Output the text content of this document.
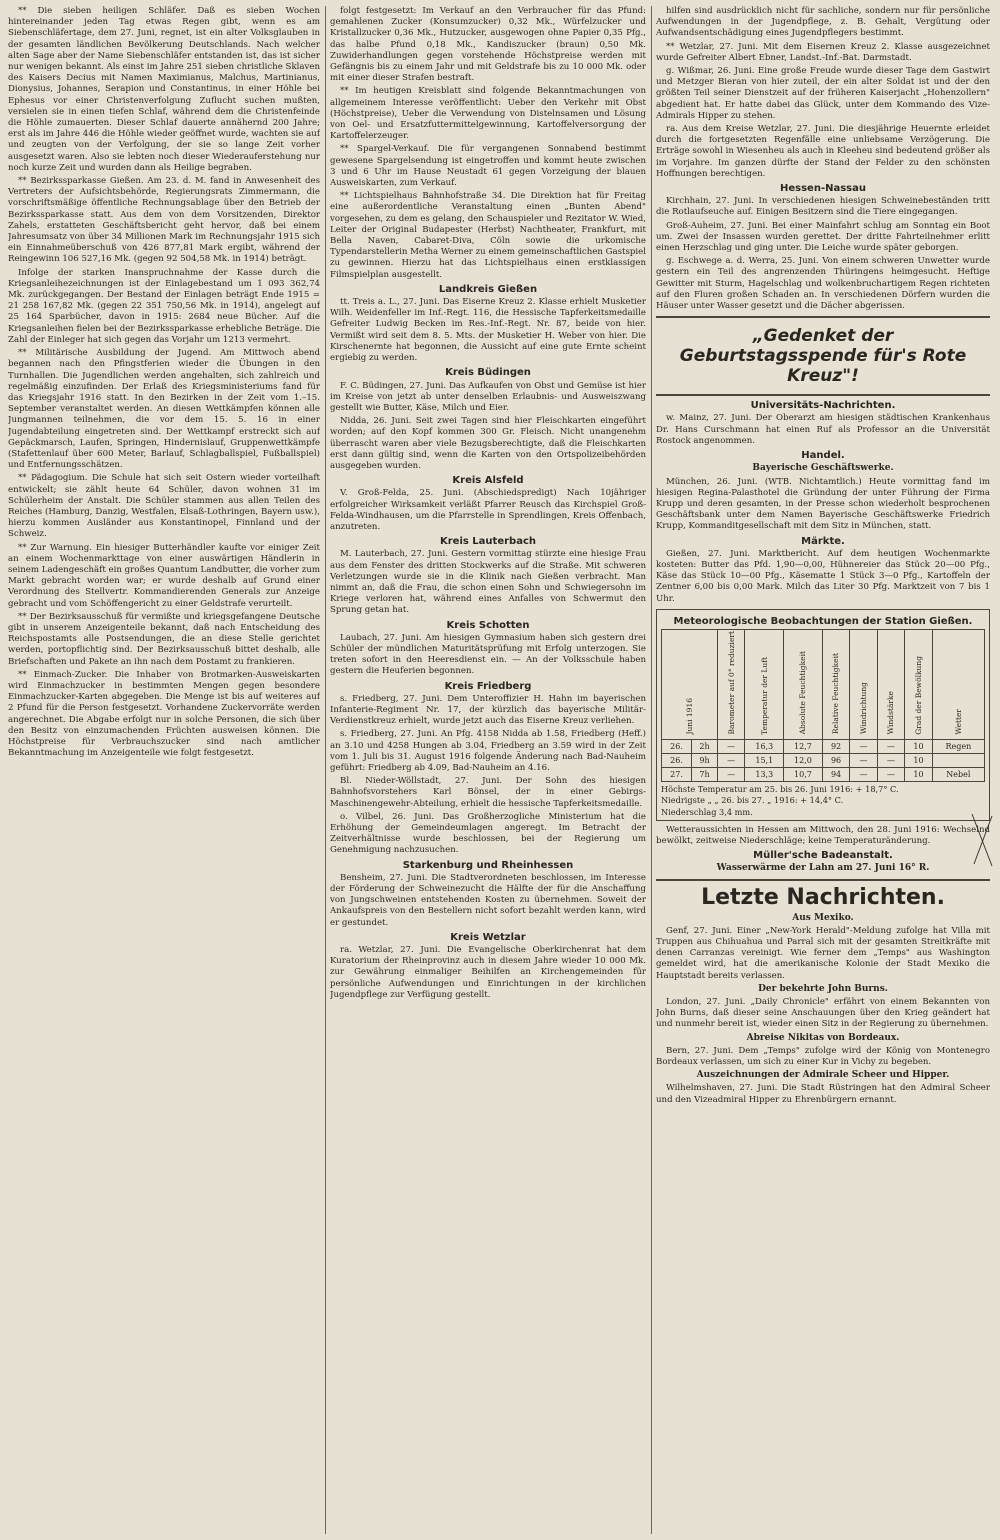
** Die sieben heiligen Schläfer. Daß es sieben Wochen hintereinander jeden Tag etwas Regen gibt, wenn es am Siebenschläfertage, dem 27. Juni, regnet, ist ein alter Volksglauben in der gesamten ländlichen Bevölkerung Deutschlands. Nach welcher alten Sage aber der Name Siebenschläfer entstanden ist, das ist sicher nur wenigen bekannt. Als einst im Jahre 251 sieben christliche Sklaven des Kaisers Decius mit Namen Maximianus, Malchus, Martinianus, Dionysius, Johannes, Serapion und Constantinus, in einer Höhle bei Ephesus vor einer Christenverfolgung Zuflucht suchen mußten, versielen sie in einen tiefen Schlaf, während dem die Christenfeinde die Höhle zumauerten. Dieser Schlaf dauerte annähernd 200 Jahre; erst als im Jahre 446 die Höhle wieder geöffnet wurde, wachten sie auf und zeugten von der Verfolgung, der sie so lange Zeit vorher ausgesetzt waren. Also sie lebten noch dieser Wiederauferstehung nur noch kurze Zeit und wurden dann als Heilige begraben.

** Bezirkssparkasse Gießen. Am 23. d. M. fand in Anwesenheit des Vertreters der Aufsichtsbehörde, Regierungsrats Zimmermann, die vorschriftsmäßige öffentliche Rechnungsablage über den Betrieb der Bezirkssparkasse statt. Aus dem von dem Vorsitzenden, Direktor Zahels, erstatteten Geschäftsbericht geht hervor, daß bei einem Jahresumsatz von über 34 Millionen Mark im Rechnungsjahr 1915 sich ein Einnahmeüberschuß von 426 877,81 Mark ergibt, während der Reingewinn 106 527,16 Mk. (gegen 92 504,58 Mk. in 1914) beträgt.

Infolge der starken Inanspruchnahme der Kasse durch die Kriegsanleihezeichnungen ist der Einlagebestand um 1 093 362,74 Mk. zurückgegangen. Der Bestand der Einlagen beträgt Ende 1915 = 21 258 167,82 Mk. (gegen 22 351 750,56 Mk. in 1914), angelegt auf 25 164 Sparbücher, davon in 1915: 2684 neue Bücher. Auf die Kriegsanleihen fielen bei der Bezirkssparkasse erhebliche Beträge. Die Zahl der Einleger hat sich gegen das Vorjahr um 1213 vermehrt.

** Militärische Ausbildung der Jugend. Am Mittwoch abend begannen nach den Pfingstferien wieder die Übungen in den Turnhallen. Die Jugendlichen werden angehalten, sich zahlreich und regelmäßig einzufinden. Der Erlaß des Kriegsministeriums fand für das Kriegsjahr 1916 statt. In den Bezirken in der Zeit vom 1.–15. September veranstaltet werden. An diesen Wettkämpfen können alle Jungmannen teilnehmen, die vor dem 15. 5. 16 in einer Jugendabteilung eingetreten sind. Der Wettkampf erstreckt sich auf Gepäckmarsch, Laufen, Springen, Hindernislauf, Gruppenwettkämpfe (Stafettenlauf über 600 Meter, Barlauf, Schlagballspiel, Fußballspiel) und Entfernungsschätzen.

** Pädagogium. Die Schule hat sich seit Ostern wieder vorteilhaft entwickelt; sie zählt heute 64 Schüler, davon wohnen 31 im Schülerheim der Anstalt. Die Schüler stammen aus allen Teilen des Reiches (Hamburg, Danzig, Westfalen, Elsaß-Lothringen, Bayern usw.), hierzu kommen Ausländer aus Konstantinopel, Finnland und der Schweiz.

** Zur Warnung. Ein hiesiger Butterhändler kaufte vor einiger Zeit an einem Wochenmarkttage von einer auswärtigen Händlerin in seinem Ladengeschäft ein großes Quantum Landbutter, die vorher zum Markt gebracht worden war; er wurde deshalb auf Grund einer Verordnung des Stellvertr. Kommandierenden Generals zur Anzeige gebracht und vom Schöffengericht zu einer Geldstrafe verurteilt.

** Der Bezirksausschuß für vermißte und kriegsgefangene Deutsche gibt in unserem Anzeigenteile bekannt, daß nach Entscheidung des Reichspostamts alle Postsendungen, die an diese Stelle gerichtet werden, portopflichtig sind. Der Bezirksausschuß bittet deshalb, alle Briefschaften und Pakete an ihn nach dem Postamt zu frankieren.

** Einmach-Zucker. Die Inhaber von Brotmarken-Ausweiskarten wird Einmachzucker in bestimmten Mengen gegen besondere Einmachzucker-Karten abgegeben. Die Menge ist bis auf weiteres auf 2 Pfund für die Person festgesetzt. Vorhandene Zuckervorräte werden angerechnet. Die Abgabe erfolgt nur in solche Personen, die sich über den Besitz von einzumachenden Früchten ausweisen können. Die Höchstpreise für Verbrauchszucker sind nach amtlicher Bekanntmachung im Anzeigenteile wie folgt festgesetzt.

folgt festgesetzt: Im Verkauf an den Verbraucher für das Pfund: gemahlenen Zucker (Konsumzucker) 0,32 Mk., Würfelzucker und Kristallzucker 0,36 Mk., Hutzucker, ausgewogen ohne Papier 0,35 Pfg., das halbe Pfund 0,18 Mk., Kandiszucker (braun) 0,50 Mk. Zuwiderhandlungen gegen vorstehende Höchstpreise werden mit Gefängnis bis zu einem Jahr und mit Geldstrafe bis zu 10 000 Mk. oder mit einer dieser Strafen bestraft.

** Im heutigen Kreisblatt sind folgende Bekanntmachungen von allgemeinem Interesse veröffentlicht: Ueber den Verkehr mit Obst (Höchstpreise), Ueber die Verwendung von Distelnsamen und Lösung von Oel- und Ersatzfuttermittelgewinnung, Kartoffelversorgung der Kartoffelerzeuger.

** Spargel-Verkauf. Die für vergangenen Sonnabend bestimmt gewesene Spargelsendung ist eingetroffen und kommt heute zwischen 3 und 6 Uhr im Hause Neustadt 61 gegen Vorzeigung der blauen Ausweiskarten, zum Verkauf.

** Lichtspielhaus Bahnhofstraße 34. Die Direktion hat für Freitag eine außerordentliche Veranstaltung einen „Bunten Abend" vorgesehen, zu dem es gelang, den Schauspieler und Rezitator W. Wied, Leiter der Original Budapester (Herbst) Nachtheater, Frankfurt, mit Bella Naven, Cabaret-Diva, Cöln sowie die urkomische Typendarstellerin Metha Werner zu einem gemeinschaftlichen Gastspiel zu gewinnen. Hierzu hat das Lichtspielhaus einen erstklassigen Filmspielplan ausgestellt.

Landkreis Gießen

tt. Treis a. L., 27. Juni. Das Eiserne Kreuz 2. Klasse erhielt Musketier Wilh. Weidenfeller im Inf.-Regt. 116, die Hessische Tapferkeitsmedaille Gefreiter Ludwig Becken im Res.-Inf.-Regt. Nr. 87, beide von hier. Vermißt wird seit dem 8. 5. Mts. der Musketier H. Weber von hier. Die Kirschenernte hat begonnen, die Aussicht auf eine gute Ernte scheint ergiebig zu werden.

Kreis Büdingen

F. C. Büdingen, 27. Juni. Das Aufkaufen von Obst und Gemüse ist hier im Kreise von jetzt ab unter denselben Erlaubnis- und Ausweiszwang gestellt wie Butter, Käse, Milch und Eier.

Nidda, 26. Juni. Seit zwei Tagen sind hier Fleischkarten eingeführt worden; auf den Kopf kommen 300 Gr. Fleisch. Nicht unangenehm überrascht waren aber viele Bezugsberechtigte, daß die Fleischkarten erst dann gültig sind, wenn die Karten von den Ortspolizeibehörden ausgegeben wurden.

Kreis Alsfeld

V. Groß-Felda, 25. Juni. (Abschiedspredigt) Nach 10jähriger erfolgreicher Wirksamkeit verläßt Pfarrer Reusch das Kirchspiel Groß-Felda-Windhausen, um die Pfarrstelle in Sprendlingen, Kreis Offenbach, anzutreten.

Kreis Lauterbach

M. Lauterbach, 27. Juni. Gestern vormittag stürzte eine hiesige Frau aus dem Fenster des dritten Stockwerks auf die Straße. Mit schweren Verletzungen wurde sie in die Klinik nach Gießen verbracht. Man nimmt an, daß die Frau, die schon einen Sohn und Schwiegersohn im Kriege verloren hat, während eines Anfalles von Schwermut den Sprung getan hat.

Kreis Schotten

Laubach, 27. Juni. Am hiesigen Gymnasium haben sich gestern drei Schüler der mündlichen Maturitätsprüfung mit Erfolg unterzogen. Sie treten sofort in den Heeresdienst ein. — An der Volksschule haben gestern die Heuferien begonnen.

Kreis Friedberg

s. Friedberg, 27. Juni. Dem Unteroffizier H. Hahn im bayerischen Infanterie-Regiment Nr. 17, der kürzlich das bayerische Militär-Verdienstkreuz erhielt, wurde jetzt auch das Eiserne Kreuz verliehen.

s. Friedberg, 27. Juni. An Pfg. 4158 Nidda ab 1.58, Friedberg (Heff.) an 3.10 und 4258 Hungen ab 3.04, Friedberg an 3.59 wird in der Zeit vom 1. Juli bis 31. August 1916 folgende Änderung nach Bad-Nauheim geführt: Friedberg ab 4.09, Bad-Nauheim an 4.16.

Bl. Nieder-Wöllstadt, 27. Juni. Der Sohn des hiesigen Bahnhofsvorstehers Karl Bönsel, der in einer Gebirgs-Maschinengewehr-Abteilung, erhielt die hessische Tapferkeitsmedaille.

o. Vilbel, 26. Juni. Das Großherzogliche Ministerium hat die Erhöhung der Gemeindeumlagen angeregt. Im Betracht der Zeitverhältnisse wurde beschlossen, bei der Regierung um Genehmigung nachzusuchen.

Starkenburg und Rheinhessen

Bensheim, 27. Juni. Die Stadtverordneten beschlossen, im Interesse der Förderung der Schweinezucht die Hälfte der für die Anschaffung von Jungschweinen entstehenden Kosten zu übernehmen. Soweit der Ankaufspreis von den Bestellern nicht sofort bezahlt werden kann, wird er gestundet.

Kreis Wetzlar

ra. Wetzlar, 27. Juni. Die Evangelische Oberkirchenrat hat dem Kuratorium der Rheinprovinz auch in diesem Jahre wieder 10 000 Mk. zur Gewährung einmaliger Beihilfen an Kirchengemeinden für persönliche Aufwendungen und Einrichtungen in der kirchlichen Jugendpflege zur Verfügung gestellt.

hilfen sind ausdrücklich nicht für sachliche, sondern nur für persönliche Aufwendungen in der Jugendpflege, z. B. Gehalt, Vergütung oder Aufwandsentschädigung eines Jugendpflegers bestimmt.

** Wetzlar, 27. Juni. Mit dem Eisernen Kreuz 2. Klasse ausgezeichnet wurde Gefreiter Albert Ebner, Landst.-Inf.-Bat. Darmstadt.

g. Wißmar, 26. Juni. Eine große Freude wurde dieser Tage dem Gastwirt und Metzger Bieran von hier zuteil, der ein alter Soldat ist und der den größten Teil seiner Dienstzeit auf der früheren Kaiserjacht „Hohenzollern" abgedient hat. Er hatte dabei das Glück, unter dem Kommando des Vize-Admirals Hipper zu stehen.

ra. Aus dem Kreise Wetzlar, 27. Juni. Die diesjährige Heuernte erleidet durch die fortgesetzten Regenfälle eine unliebsame Verzögerung. Die Erträge sowohl in Wiesenheu als auch in Kleeheu sind bedeutend größer als im Vorjahre. Im ganzen dürfte der Stand der Felder zu den schönsten Hoffnungen berechtigen.

Hessen-Nassau

Kirchhain, 27. Juni. In verschiedenen hiesigen Schweinebeständen tritt die Rotlaufseuche auf. Einigen Besitzern sind die Tiere eingegangen.

Groß-Auheim, 27. Juni. Bei einer Mainfahrt schlug am Sonntag ein Boot um. Zwei der Insassen wurden gerettet. Der dritte Fahrteilnehmer erlitt einen Herzschlag und ging unter. Die Leiche wurde später geborgen.

g. Eschwege a. d. Werra, 25. Juni. Von einem schweren Unwetter wurde gestern ein Teil des angrenzenden Thüringens heimgesucht. Heftige Gewitter mit Sturm, Hagelschlag und wolkenbruchartigem Regen richteten auf den Fluren großen Schaden an. In verschiedenen Dörfern wurden die Häuser unter Wasser gesetzt und die Dächer abgerissen.

„Gedenket der Geburtstagsspende für's Rote Kreuz"!
Universitäts-Nachrichten.

w. Mainz, 27. Juni. Der Oberarzt am hiesigen städtischen Krankenhaus Dr. Hans Curschmann hat einen Ruf als Professor an die Universität Rostock angenommen.

Handel.
Bayerische Geschäftswerke.

München, 26. Juni. (WTB. Nichtamtlich.) Heute vormittag fand im hiesigen Regina-Palasthotel die Gründung der unter Führung der Firma Krupp und deren gesamten, in der Presse schon wiederholt besprochenen Geschäftsbank unter dem Namen Bayerische Geschäftswerke Friedrich Krupp, Kommanditgesellschaft mit dem Sitz in München, statt.

Märkte.

Gießen, 27. Juni. Marktbericht. Auf dem heutigen Wochenmarkte kosteten: Butter das Pfd. 1,90—0,00, Hühnereier das Stück 20—00 Pfg., Käse das Stück 10—00 Pfg., Käsematte 1 Stück 3—0 Pfg., Kartoffeln der Zentner 6,00 bis 0,00 Mark. Milch das Liter 30 Pfg. Marktzeit von 7 bis 1 Uhr.

Meteorologische Beobachtungen der Station Gießen.
Juni 1916		Barometer auf 0° reduziert	Temperatur der Luft	Absolute Feuchtigkeit	Relative Feuchtigkeit	Windrichtung	Windstärke	Grad der Bewölkung	Wetter
26.	2h	—	16,3	12,7	92	—	—	10	Regen
26.	9h	—	15,1	12,0	96	—	—	10	
27.	7h	—	13,3	10,7	94	—	—	10	Nebel
Höchste Temperatur am 25. bis 26. Juni 1916: + 18,7° C.
Niedrigste „ „ 26. bis 27. „ 1916: + 14,4° C.
Niederschlag 3,4 mm.

Wetteraussichten in Hessen am Mittwoch, den 28. Juni 1916: Wechselnd bewölkt, zeitweise Niederschläge; keine Temperaturänderung.

Müller'sche Badeanstalt.
Wasserwärme der Lahn am 27. Juni 16° R.
Letzte Nachrichten.
Aus Mexiko.

Genf, 27. Juni. Einer „New-York Herald"-Meldung zufolge hat Villa mit Truppen aus Chihuahua und Parral sich mit der gesamten Streitkräfte mit denen Carranzas vereinigt. Wie ferner dem „Temps" aus Washington gemeldet wird, hat die amerikanische Kolonie der Stadt Mexiko die Hauptstadt bereits verlassen.

Der bekehrte John Burns.

London, 27. Juni. „Daily Chronicle" erfährt von einem Bekannten von John Burns, daß dieser seine Anschauungen über den Krieg geändert hat und nunmehr bereit ist, wieder einen Sitz in der Regierung zu übernehmen.

Abreise Nikitas von Bordeaux.

Bern, 27. Juni. Dem „Temps" zufolge wird der König von Montenegro Bordeaux verlassen, um sich zu einer Kur in Vichy zu begeben.

Auszeichnungen der Admirale Scheer und Hipper.

Wilhelmshaven, 27. Juni. Die Stadt Rüstringen hat den Admiral Scheer und den Vizeadmiral Hipper zu Ehrenbürgern ernannt.
